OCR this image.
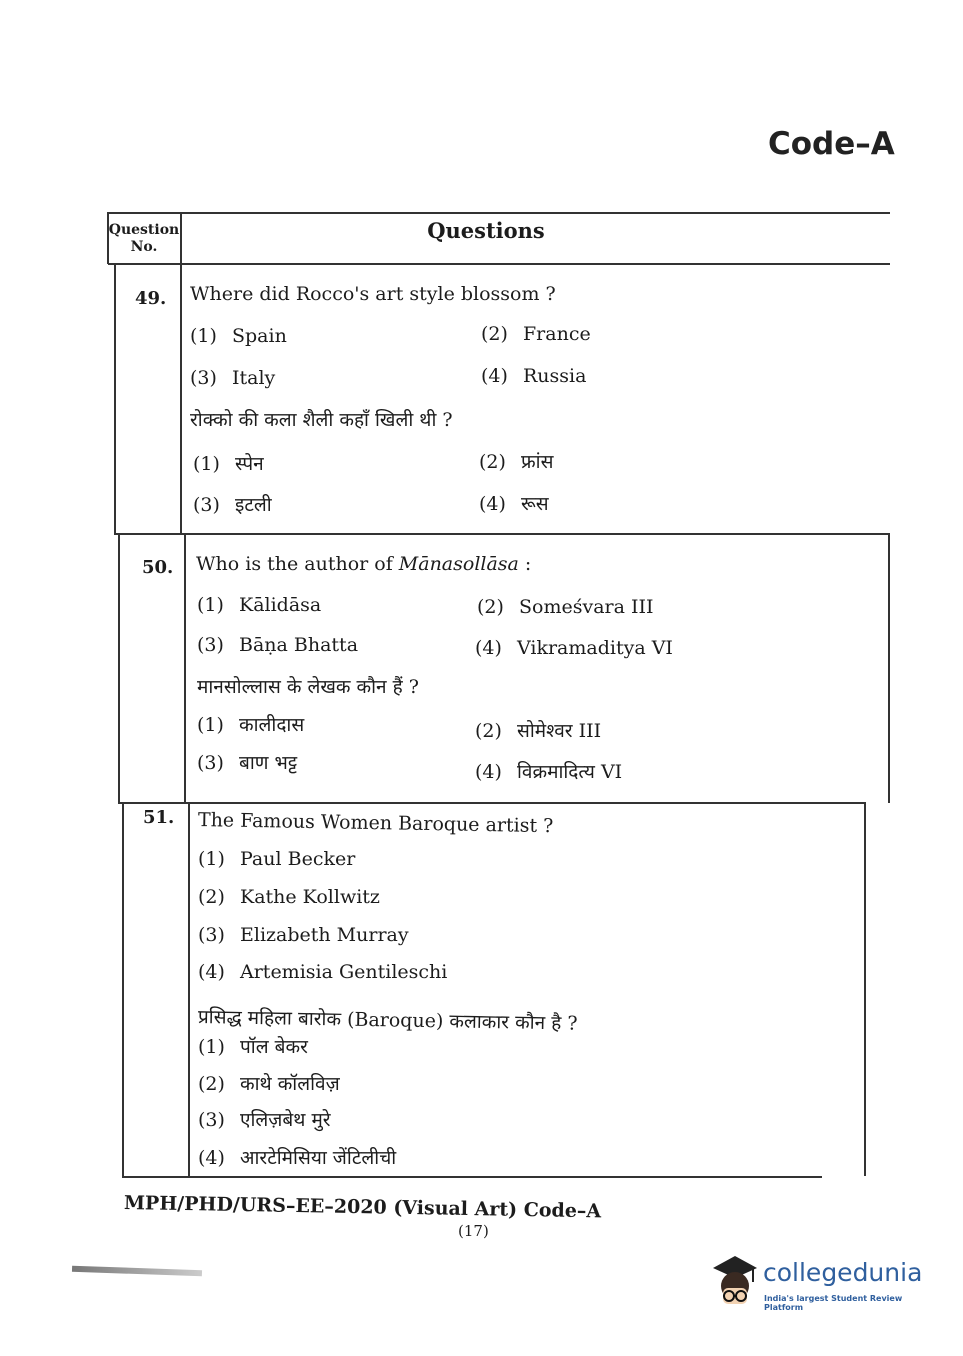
Code–A
Question No.
Questions
49. Where did Rocco's art style blossom ?
(1) Spain	(2) France
(3) Italy	(4) Russia
रोक्को की कला शैली कहाँ खिली थी ?
(1) स्पेन	(2) फ्रांस
(3) इटली	(4) रूस
50. Who is the author of Mānasollāsa :
(1) Kālidāsa	(2) Someśvara III
(3) Bāṇa Bhatta	(4) Vikramaditya VI
मानसोल्लास के लेखक कौन हैं ?
(1) कालीदास	(2) सोमेश्वर III
(3) बाण भट्ट	(4) विक्रमादित्य VI
51. The Famous Women Baroque artist ?
(1) Paul Becker
(2) Kathe Kollwitz
(3) Elizabeth Murray
(4) Artemisia Gentileschi
प्रसिद्ध महिला बारोक (Baroque) कलाकार कौन है ?
(1) पॉल बेकर
(2) काथे कॉलविज़
(3) एलिज़बेथ मुरे
(4) आरटेमिसिया जेंटिलीची
MPH/PHD/URS–EE–2020 (Visual Art) Code–A
(17)
collegedunia
India's largest Student Review Platform
